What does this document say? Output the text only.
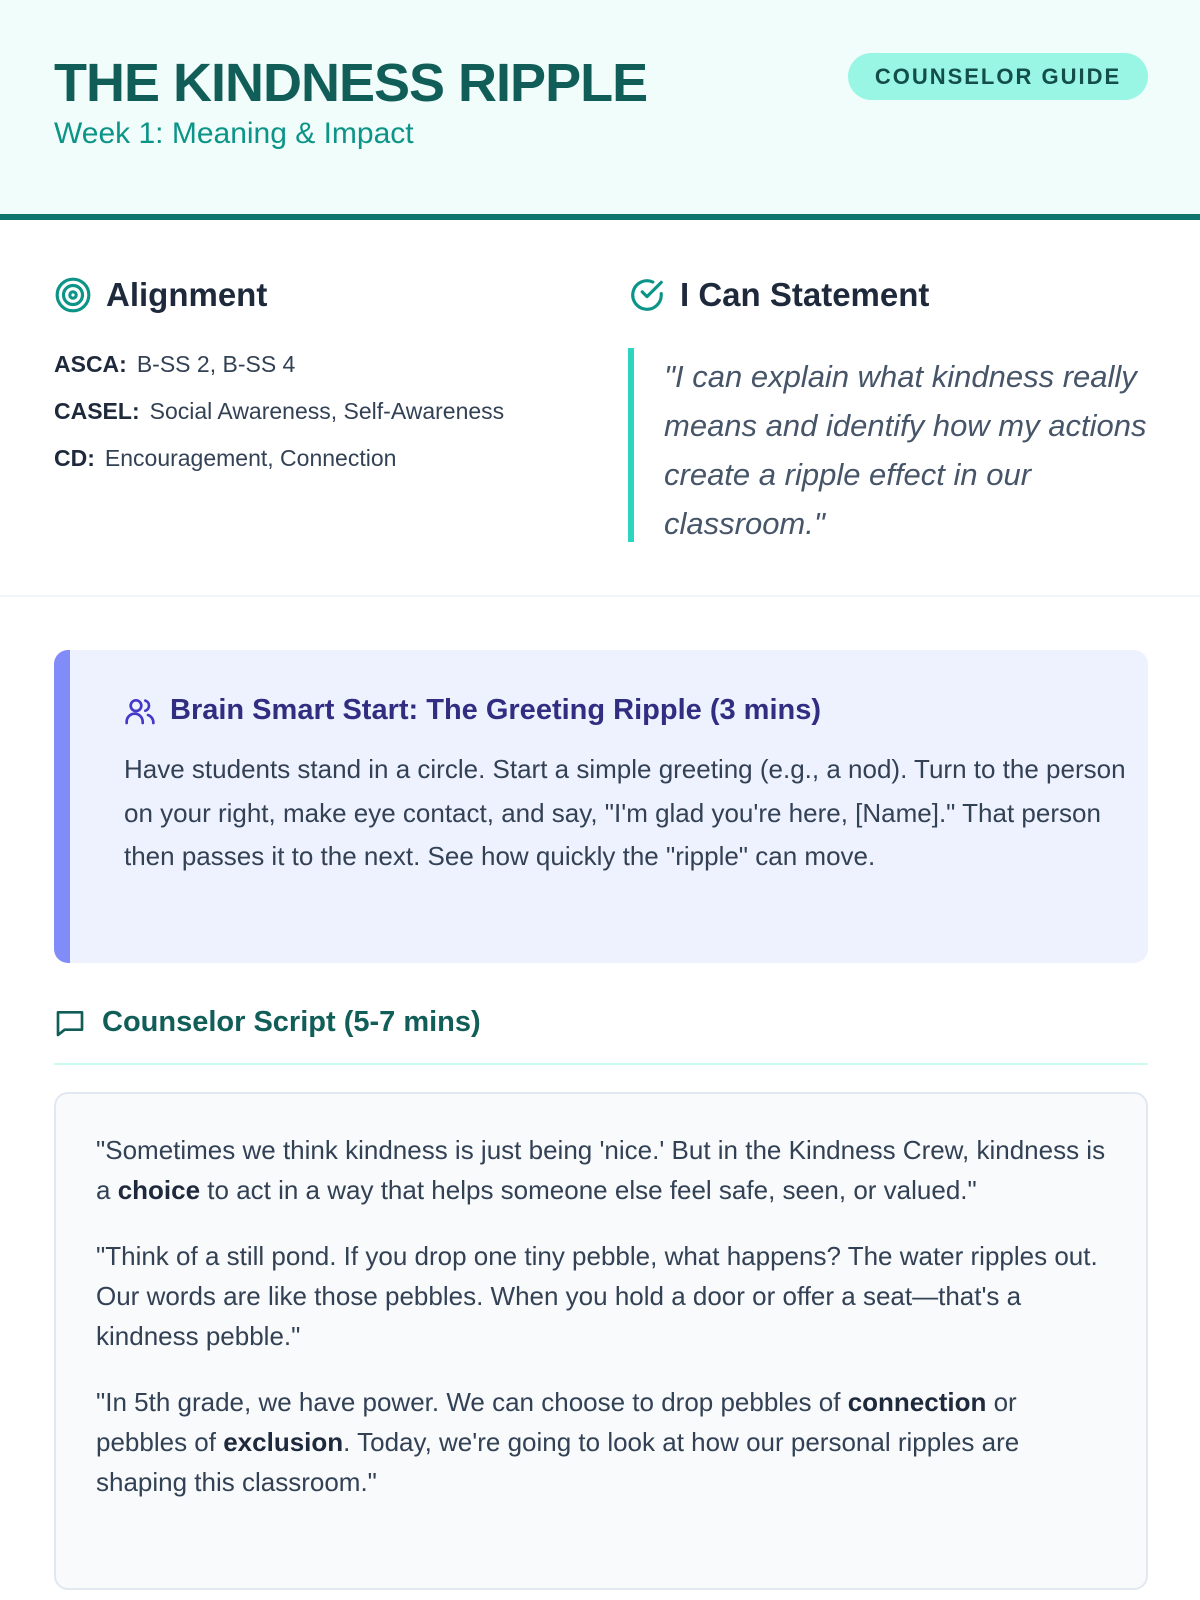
THE KINDNESS RIPPLE
Week 1: Meaning & Impact
COUNSELOR GUIDE
Alignment
ASCA: B-SS 2, B-SS 4
CASEL: Social Awareness, Self-Awareness
CD: Encouragement, Connection
I Can Statement
"I can explain what kindness really means and identify how my actions create a ripple effect in our classroom."
Brain Smart Start: The Greeting Ripple (3 mins)
Have students stand in a circle. Start a simple greeting (e.g., a nod). Turn to the person on your right, make eye contact, and say, "I'm glad you're here, [Name]." That person then passes it to the next. See how quickly the "ripple" can move.
Counselor Script (5-7 mins)

"Sometimes we think kindness is just being 'nice.' But in the Kindness Crew, kindness is a choice to act in a way that helps someone else feel safe, seen, or valued."

"Think of a still pond. If you drop one tiny pebble, what happens? The water ripples out. Our words are like those pebbles. When you hold a door or offer a seat—that's a kindness pebble."

"In 5th grade, we have power. We can choose to drop pebbles of connection or pebbles of exclusion. Today, we're going to look at how our personal ripples are shaping this classroom."
